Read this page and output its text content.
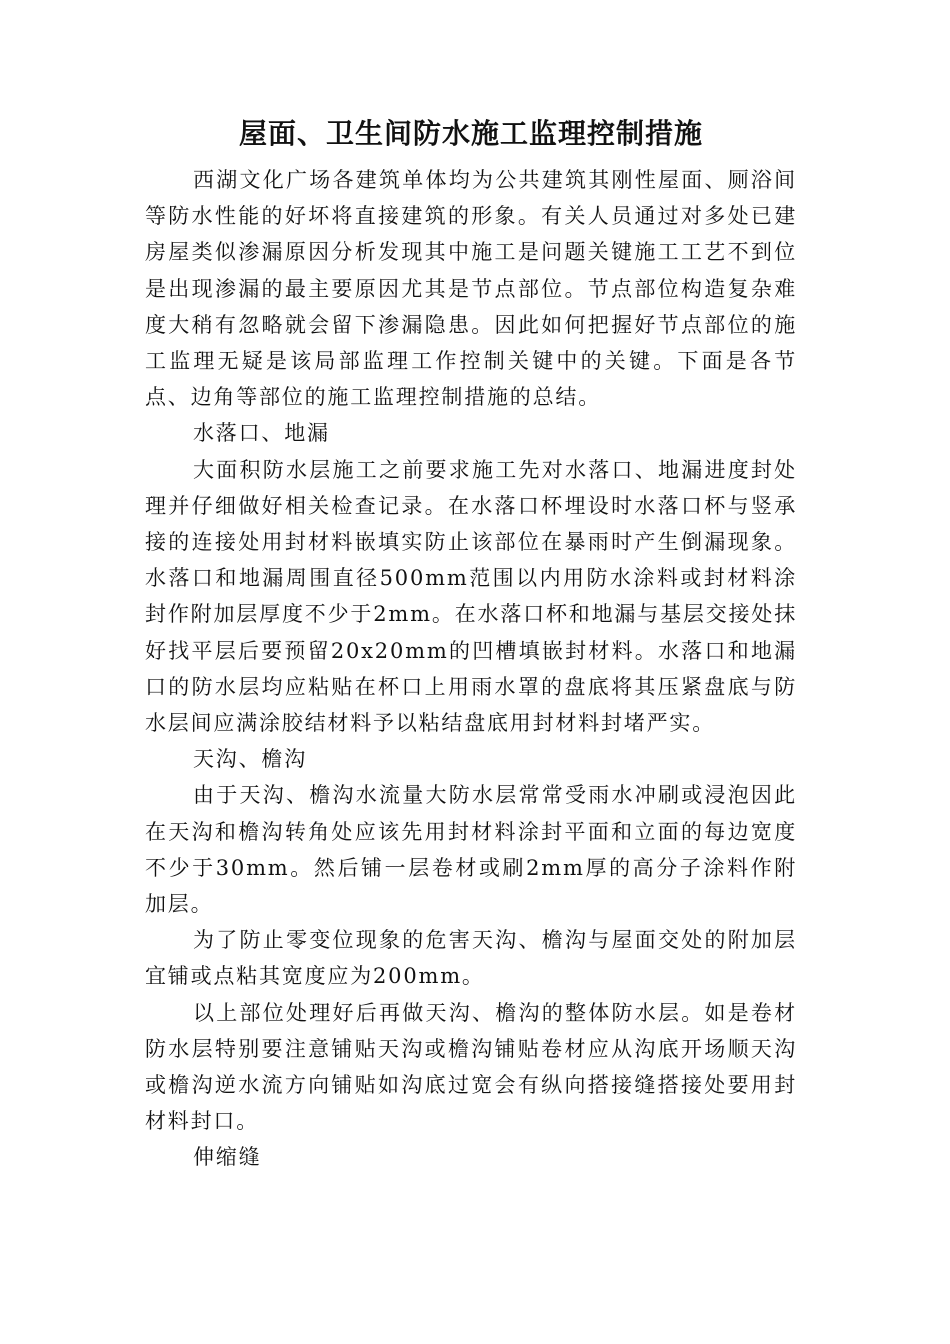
屋面、卫生间防水施工监理控制措施

西湖文化广场各建筑单体均为公共建筑其刚性屋面、厕浴间等防水性能的好坏将直接建筑的形象。有关人员通过对多处已建房屋类似渗漏原因分析发现其中施工是问题关键施工工艺不到位是出现渗漏的最主要原因尤其是节点部位。节点部位构造复杂难度大稍有忽略就会留下渗漏隐患。因此如何把握好节点部位的施工监理无疑是该局部监理工作控制关键中的关键。下面是各节点、边角等部位的施工监理控制措施的总结。

水落口、地漏

大面积防水层施工之前要求施工先对水落口、地漏进度封处理并仔细做好相关检查记录。在水落口杯埋设时水落口杯与竖承接的连接处用封材料嵌填实防止该部位在暴雨时产生倒漏现象。水落口和地漏周围直径500mm范围以内用防水涂料或封材料涂封作附加层厚度不少于2mm。在水落口杯和地漏与基层交接处抹好找平层后要预留20x20mm的凹槽填嵌封材料。水落口和地漏口的防水层均应粘贴在杯口上用雨水罩的盘底将其压紧盘底与防水层间应满涂胶结材料予以粘结盘底用封材料封堵严实。

天沟、檐沟

由于天沟、檐沟水流量大防水层常常受雨水冲刷或浸泡因此在天沟和檐沟转角处应该先用封材料涂封平面和立面的每边宽度不少于30mm。然后铺一层卷材或刷2mm厚的高分子涂料作附加层。

为了防止零变位现象的危害天沟、檐沟与屋面交处的附加层宜铺或点粘其宽度应为200mm。

以上部位处理好后再做天沟、檐沟的整体防水层。如是卷材防水层特别要注意铺贴天沟或檐沟铺贴卷材应从沟底开场顺天沟或檐沟逆水流方向铺贴如沟底过宽会有纵向搭接缝搭接处要用封材料封口。

伸缩缝
